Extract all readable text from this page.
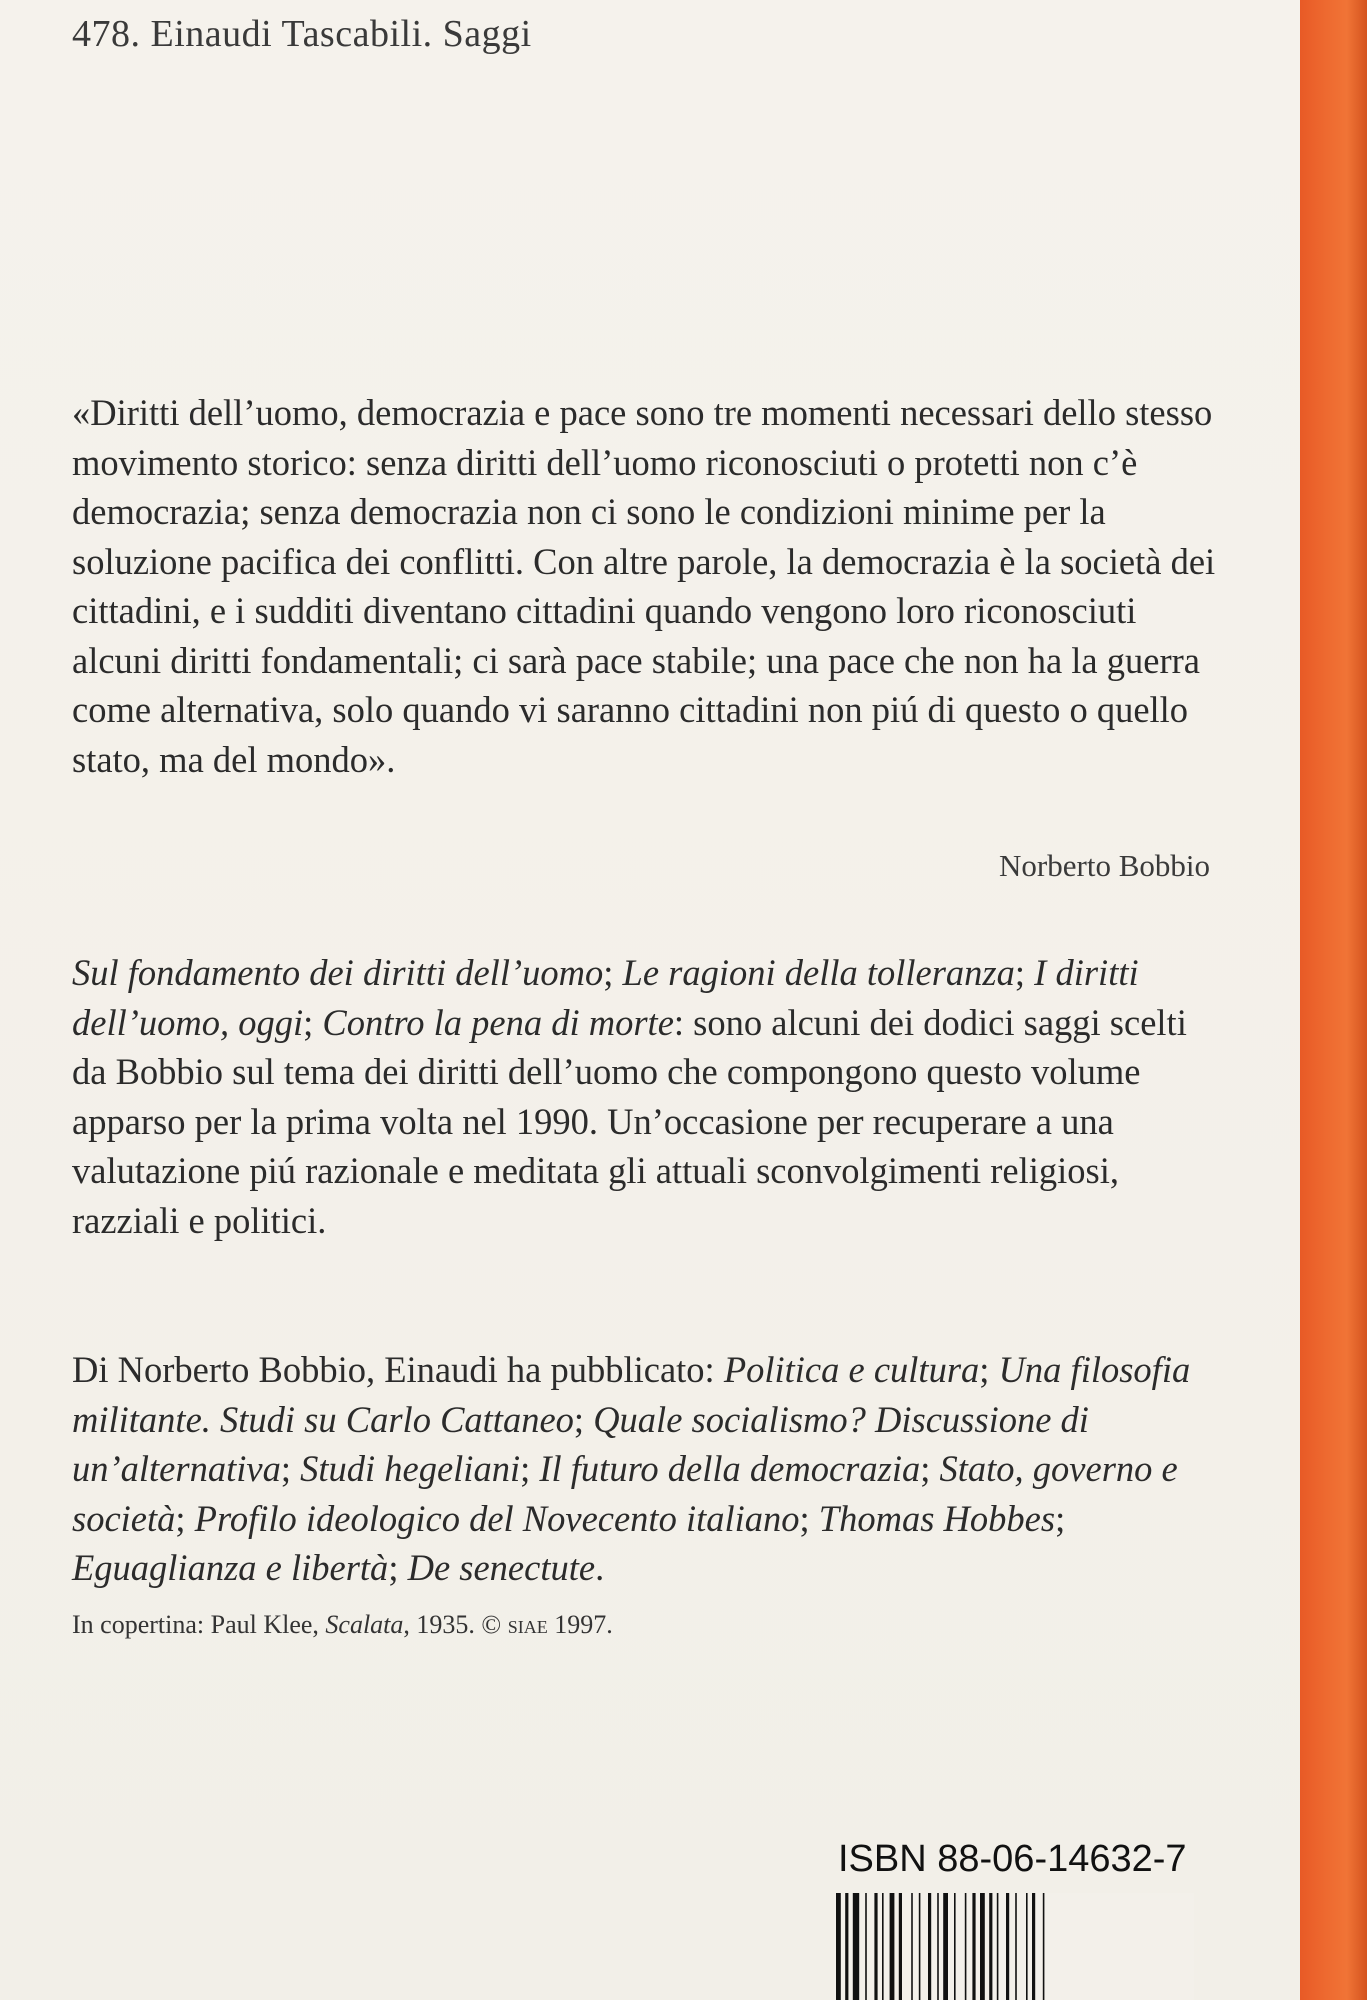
478. Einaudi Tascabili. Saggi
«Diritti dell’uomo, democrazia e pace sono tre momenti necessari dello stesso movimento storico: senza diritti dell’uomo riconosciuti o protetti non c’è democrazia; senza democrazia non ci sono le condizioni minime per la soluzione pacifica dei conflitti. Con altre parole, la democrazia è la società dei cittadini, e i sudditi diventano cittadini quando vengono loro riconosciuti alcuni diritti fondamentali; ci sarà pace stabile; una pace che non ha la guerra come alternativa, solo quando vi saranno cittadini non piú di questo o quello stato, ma del mondo».
Norberto Bobbio
Sul fondamento dei diritti dell’uomo; Le ragioni della tolleranza; I diritti dell’uomo, oggi; Contro la pena di morte: sono alcuni dei dodici saggi scelti da Bobbio sul tema dei diritti dell’uomo che compongono questo volume apparso per la prima volta nel 1990. Un’occasione per recuperare a una valutazione piú razionale e meditata gli attuali sconvolgimenti religiosi, razziali e politici.
Di Norberto Bobbio, Einaudi ha pubblicato: Politica e cultura; Una filosofia militante. Studi su Carlo Cattaneo; Quale socialismo? Discussione di un’alternativa; Studi hegeliani; Il futuro della democrazia; Stato, governo e società; Profilo ideologico del Novecento italiano; Thomas Hobbes; Eguaglianza e libertà; De senectute.
In copertina: Paul Klee, Scalata, 1935. © siae 1997.
ISBN 88-06-14632-7
